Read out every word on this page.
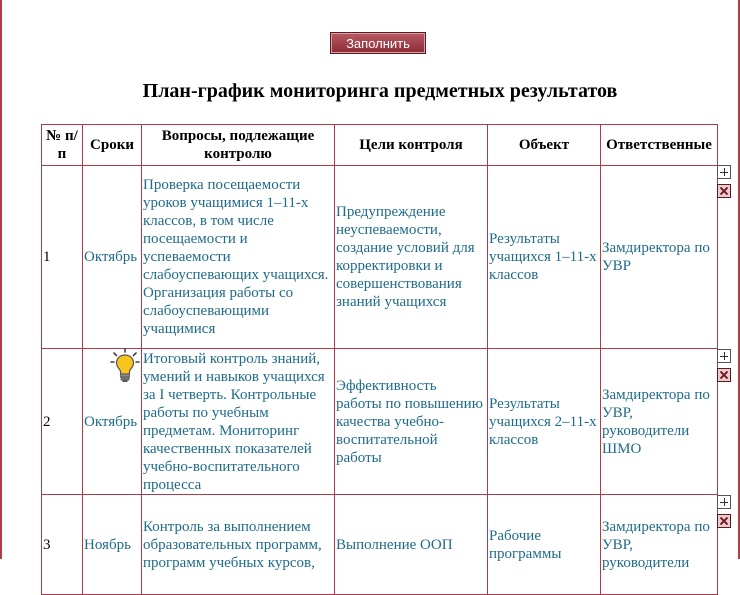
Заполнить
План-график мониторинга предметных результатов
№ п/п	Сроки	Вопросы, подлежащие контролю	Цели контроля	Объект	Ответственные
1	Октябрь	Проверка посещаемости уроков учащимися 1–11-х классов, в том числе посещаемости и успеваемости слабоуспевающих учащихся. Организация работы со слабоуспевающими учащимися	Предупреждение неуспеваемости, создание условий для корректировки и совершенствования знаний учащихся	Результаты учащихся 1–11-х классов	Замдиректора по УВР
2	Октябрь	Итоговый контроль знаний, умений и навыков учащихся за I четверть. Контрольные работы по учебным предметам. Мониторинг качественных показателей учебно-воспитательного процесса	Эффективность работы по повышению качества учебно-воспитательной работы	Результаты учащихся 2–11-х классов	Замдиректора по УВР, руководители ШМО
3	Ноябрь	Контроль за выполнением образовательных программ, программ учебных курсов,	Выполнение ООП	Рабочие программы	Замдиректора по УВР, руководители
